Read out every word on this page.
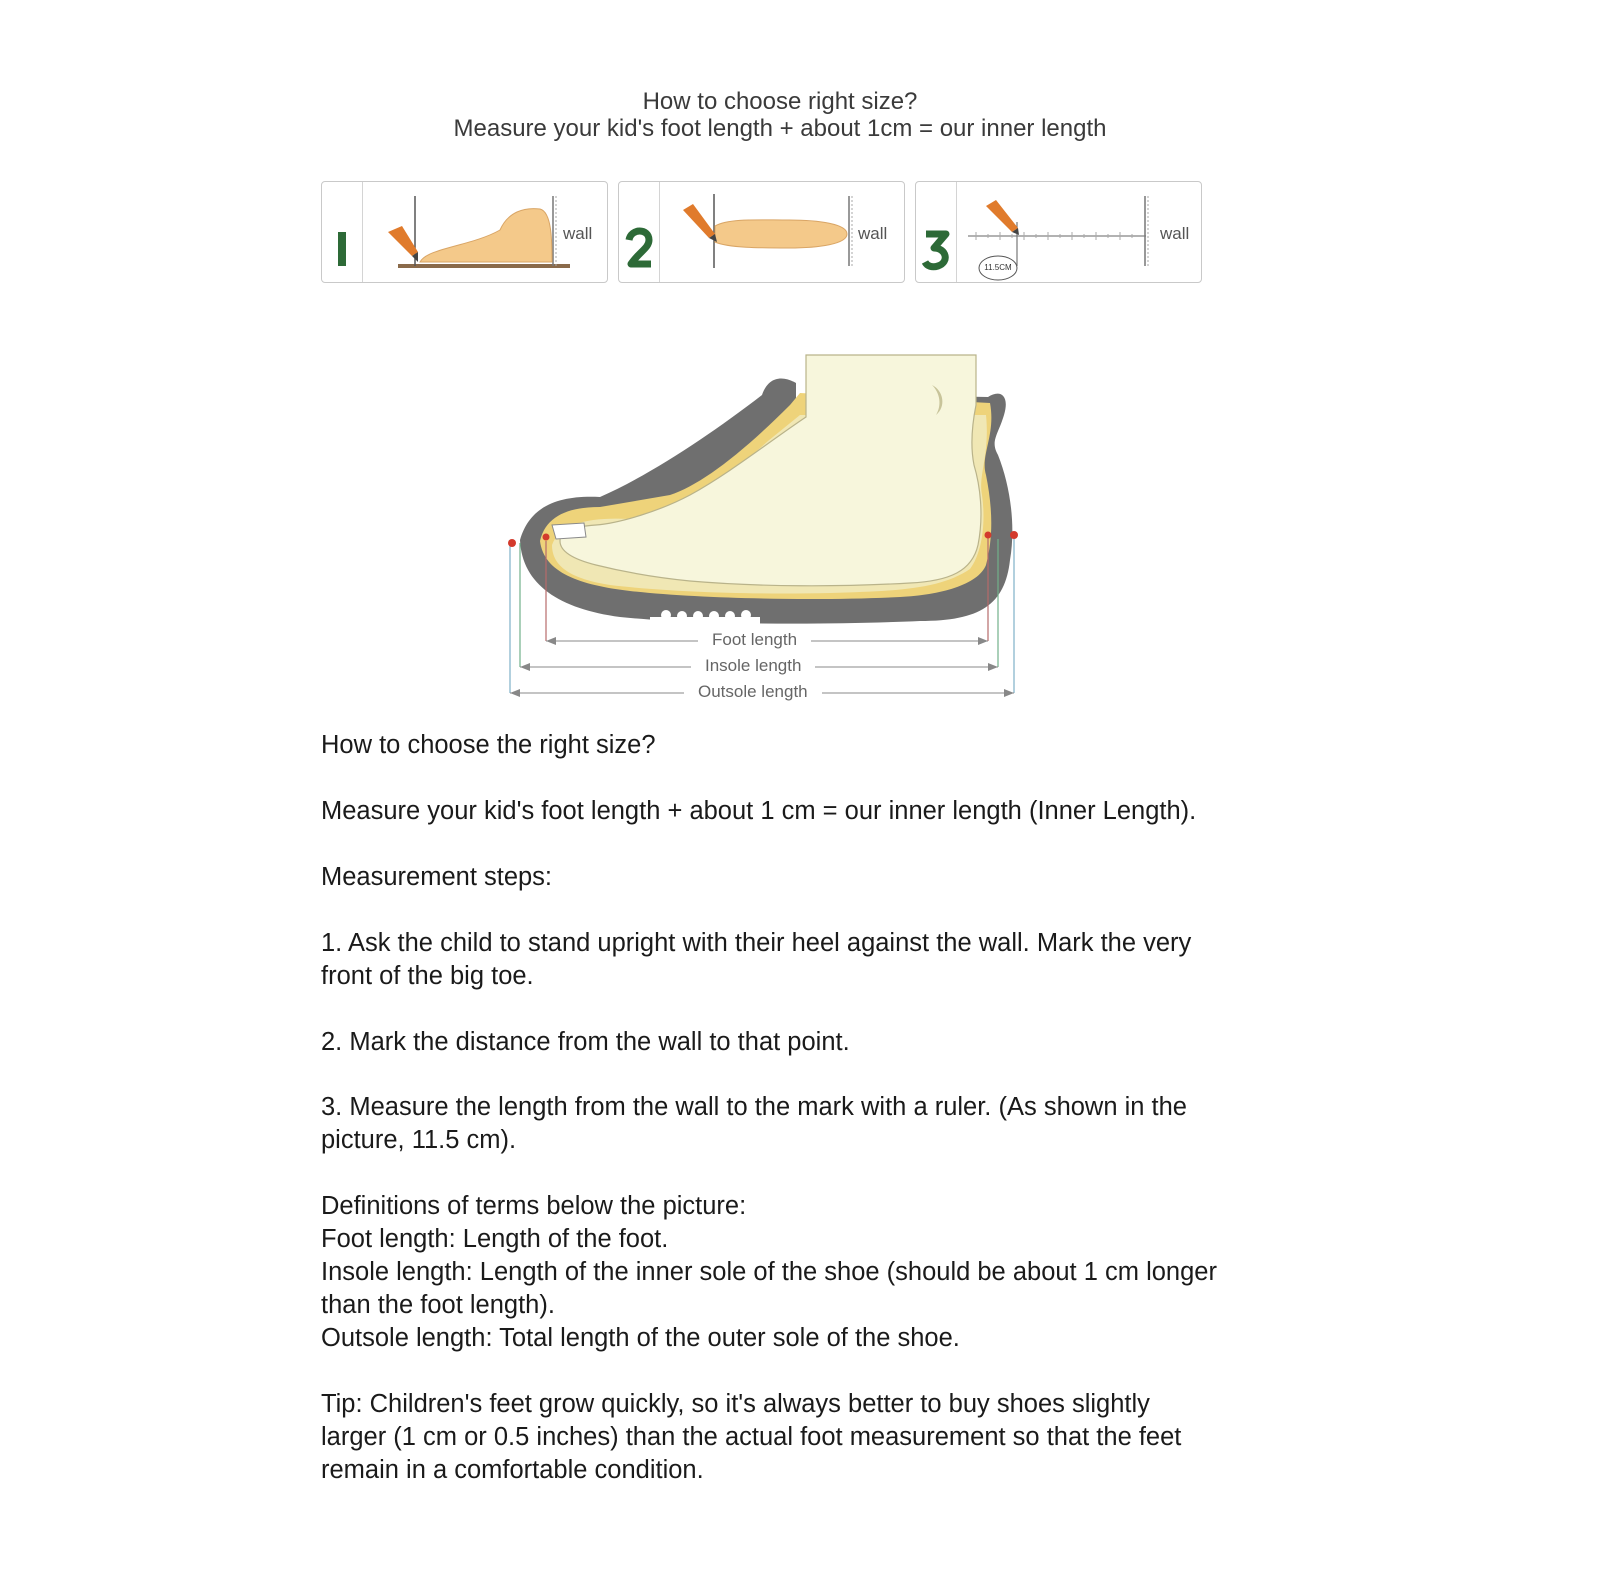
How to choose right size?
Measure your kid's foot length + about 1cm = our inner length
wall	wall
11.5CM
wall
Foot length
Insole length
Outsole length
How to choose the right size?
Measure your kid's foot length + about 1 cm = our inner length (Inner Length).
Measurement steps:
1. Ask the child to stand upright with their heel against the wall. Mark the very front of the big toe.
2. Mark the distance from the wall to that point.
3. Measure the length from the wall to the mark with a ruler. (As shown in the picture, 11.5 cm).
Definitions of terms below the picture:
Foot length: Length of the foot.
Insole length: Length of the inner sole of the shoe (should be about 1 cm longer than the foot length).
Outsole length: Total length of the outer sole of the shoe.
Tip: Children's feet grow quickly, so it's always better to buy shoes slightly larger (1 cm or 0.5 inches) than the actual foot measurement so that the feet remain in a comfortable condition.
